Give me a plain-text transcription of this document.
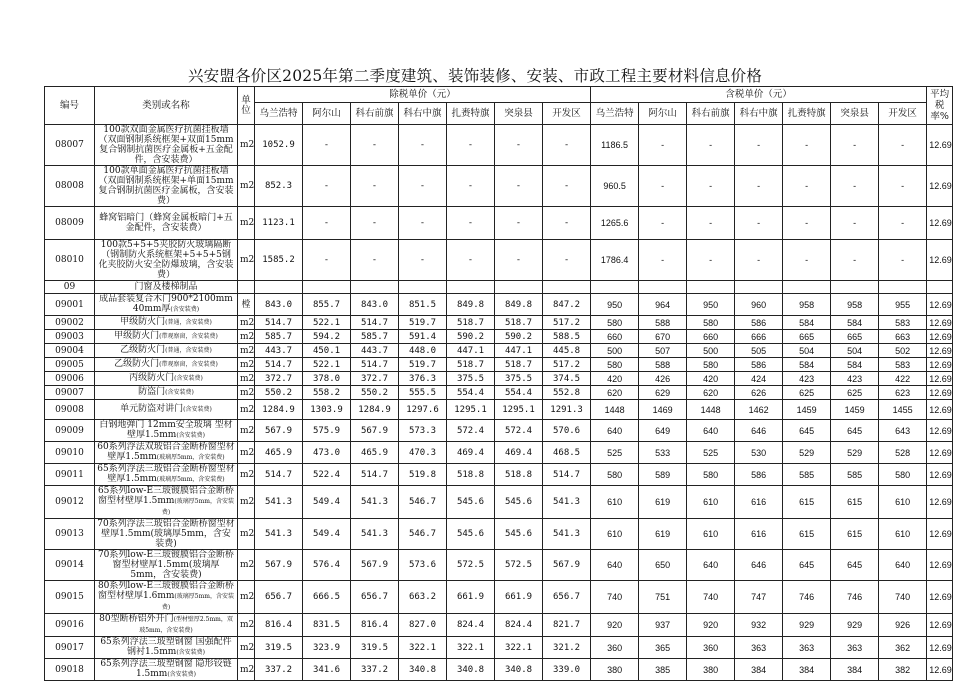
兴安盟各价区2025年第二季度建筑、装饰装修、安装、市政工程主要材料信息价格
编号	类别或名称	单位	除税单价（元）							含税单价（元）							平均税率%
			乌兰浩特	阿尔山	科右前旗	科右中旗	扎赉特旗	突泉县	开发区	乌兰浩特	阿尔山	科右前旗	科右中旗	扎赉特旗	突泉县	开发区	
08007	100款双面金属医疗抗菌挂板墙（双面钢制系统框架+双面15mm复合钢制抗菌医疗金属板+五金配件，含安装费）	m2	1052.9	-	-	-	-	-	-	1186.5	-	-	-	-	-	-	12.69
08008	100款单面金属医疗抗菌挂板墙（双面钢制系统框架+单面15mm复合钢制抗菌医疗金属板，含安装费）	m2	852.3	-	-	-	-	-	-	960.5	-	-	-	-	-	-	12.69
08009	蜂窝铝暗门（蜂窝金属板暗门+五金配件，含安装费）	m2	1123.1	-	-	-	-	-	-	1265.6	-	-	-	-	-	-	12.69
08010	100款5+5+5夹胶防火玻璃隔断（钢制防火系统框架+5+5+5钢化夹胶防火安全防爆玻璃，含安装费）	m2	1585.2	-	-	-	-	-	-	1786.4	-	-	-	-	-	-	12.69
09	门窗及楼梯制品																
09001	成品套装复合木门900*2100mm　40mm厚(含安装费)	樘	843.0	855.7	843.0	851.5	849.8	849.8	847.2	950	964	950	960	958	958	955	12.69
09002	甲级防火门(普通，含安装费)	m2	514.7	522.1	514.7	519.7	518.7	518.7	517.2	580	588	580	586	584	584	583	12.69
09003	甲级防火门(带观察窗，含安装费)	m2	585.7	594.2	585.7	591.4	590.2	590.2	588.5	660	670	660	666	665	665	663	12.69
09004	乙级防火门(普通，含安装费)	m2	443.7	450.1	443.7	448.0	447.1	447.1	445.8	500	507	500	505	504	504	502	12.69
09005	乙级防火门(带观察窗，含安装费)	m2	514.7	522.1	514.7	519.7	518.7	518.7	517.2	580	588	580	586	584	584	583	12.69
09006	丙级防火门(含安装费)	m2	372.7	378.0	372.7	376.3	375.5	375.5	374.5	420	426	420	424	423	423	422	12.69
09007	防盗门(含安装费)	m2	550.2	558.2	550.2	555.5	554.4	554.4	552.8	620	629	620	626	625	625	623	12.69
09008	单元防盗对讲门(含安装费)	m2	1284.9	1303.9	1284.9	1297.6	1295.1	1295.1	1291.3	1448	1469	1448	1462	1459	1459	1455	12.69
09009	白钢地弹门 12mm安全玻璃 型材壁厚1.5mm(含安装费)	m2	567.9	575.9	567.9	573.3	572.4	572.4	570.6	640	649	640	646	645	645	643	12.69
09010	60系列浮法双玻铝合金断桥窗型材壁厚1.5mm(玻璃厚5mm，含安装费)	m2	465.9	473.0	465.9	470.3	469.4	469.4	468.5	525	533	525	530	529	529	528	12.69
09011	65系列浮法三玻铝合金断桥窗型材壁厚1.5mm(玻璃厚5mm，含安装费)	m2	514.7	522.4	514.7	519.8	518.8	518.8	514.7	580	589	580	586	585	585	580	12.69
09012	65系列low-E三玻镀膜铝合金断桥窗型材壁厚1.5mm(玻璃厚5mm，含安装费)	m2	541.3	549.4	541.3	546.7	545.6	545.6	541.3	610	619	610	616	615	615	610	12.69
09013	70系列浮法三玻铝合金断桥窗型材壁厚1.5mm(玻璃厚5mm，含安装费)	m2	541.3	549.4	541.3	546.7	545.6	545.6	541.3	610	619	610	616	615	615	610	12.69
09014	70系列low-E三玻镀膜铝合金断桥窗型材壁厚1.5mm(玻璃厚5mm，含安装费)	m2	567.9	576.4	567.9	573.6	572.5	572.5	567.9	640	650	640	646	645	645	640	12.69
09015	80系列low-E三玻镀膜铝合金断桥窗型材壁厚1.6mm(玻璃厚5mm，含安装费)	m2	656.7	666.5	656.7	663.2	661.9	661.9	656.7	740	751	740	747	746	746	740	12.69
09016	80型断桥铝外开门(型材壁厚2.5mm，双玻5mm，含安装费)	m2	816.4	831.5	816.4	827.0	824.4	824.4	821.7	920	937	920	932	929	929	926	12.69
09017	65系列浮法三玻塑钢窗 国强配件 钢衬1.5mm(含安装费)	m2	319.5	323.9	319.5	322.1	322.1	322.1	321.2	360	365	360	363	363	363	362	12.69
09018	65系列浮法三玻塑钢窗 隐形铰链1.5mm(含安装费)	m2	337.2	341.6	337.2	340.8	340.8	340.8	339.0	380	385	380	384	384	384	382	12.69
